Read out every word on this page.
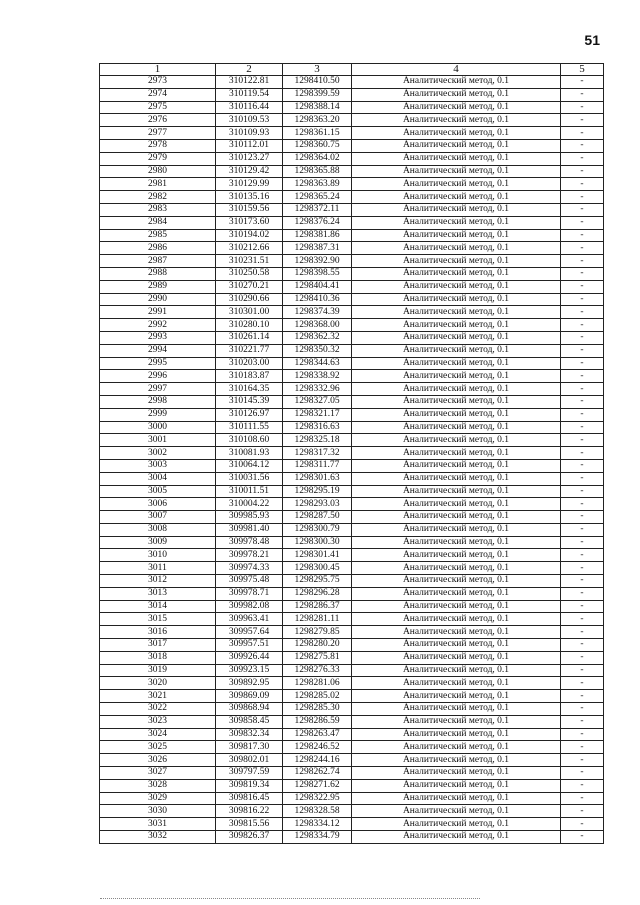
51
1	2	3	4	5
2973	310122.81	1298410.50	Аналитический метод, 0.1	-
2974	310119.54	1298399.59	Аналитический метод, 0.1	-
2975	310116.44	1298388.14	Аналитический метод, 0.1	-
2976	310109.53	1298363.20	Аналитический метод, 0.1	-
2977	310109.93	1298361.15	Аналитический метод, 0.1	-
2978	310112.01	1298360.75	Аналитический метод, 0.1	-
2979	310123.27	1298364.02	Аналитический метод, 0.1	-
2980	310129.42	1298365.88	Аналитический метод, 0.1	-
2981	310129.99	1298363.89	Аналитический метод, 0.1	-
2982	310135.16	1298365.24	Аналитический метод, 0.1	-
2983	310159.56	1298372.11	Аналитический метод, 0.1	-
2984	310173.60	1298376.24	Аналитический метод, 0.1	-
2985	310194.02	1298381.86	Аналитический метод, 0.1	-
2986	310212.66	1298387.31	Аналитический метод, 0.1	-
2987	310231.51	1298392.90	Аналитический метод, 0.1	-
2988	310250.58	1298398.55	Аналитический метод, 0.1	-
2989	310270.21	1298404.41	Аналитический метод, 0.1	-
2990	310290.66	1298410.36	Аналитический метод, 0.1	-
2991	310301.00	1298374.39	Аналитический метод, 0.1	-
2992	310280.10	1298368.00	Аналитический метод, 0.1	-
2993	310261.14	1298362.32	Аналитический метод, 0.1	-
2994	310221.77	1298350.32	Аналитический метод, 0.1	-
2995	310203.00	1298344.63	Аналитический метод, 0.1	-
2996	310183.87	1298338.92	Аналитический метод, 0.1	-
2997	310164.35	1298332.96	Аналитический метод, 0.1	-
2998	310145.39	1298327.05	Аналитический метод, 0.1	-
2999	310126.97	1298321.17	Аналитический метод, 0.1	-
3000	310111.55	1298316.63	Аналитический метод, 0.1	-
3001	310108.60	1298325.18	Аналитический метод, 0.1	-
3002	310081.93	1298317.32	Аналитический метод, 0.1	-
3003	310064.12	1298311.77	Аналитический метод, 0.1	-
3004	310031.56	1298301.63	Аналитический метод, 0.1	-
3005	310011.51	1298295.19	Аналитический метод, 0.1	-
3006	310004.22	1298293.03	Аналитический метод, 0.1	-
3007	309985.93	1298287.50	Аналитический метод, 0.1	-
3008	309981.40	1298300.79	Аналитический метод, 0.1	-
3009	309978.48	1298300.30	Аналитический метод, 0.1	-
3010	309978.21	1298301.41	Аналитический метод, 0.1	-
3011	309974.33	1298300.45	Аналитический метод, 0.1	-
3012	309975.48	1298295.75	Аналитический метод, 0.1	-
3013	309978.71	1298296.28	Аналитический метод, 0.1	-
3014	309982.08	1298286.37	Аналитический метод, 0.1	-
3015	309963.41	1298281.11	Аналитический метод, 0.1	-
3016	309957.64	1298279.85	Аналитический метод, 0.1	-
3017	309957.51	1298280.20	Аналитический метод, 0.1	-
3018	309926.44	1298275.81	Аналитический метод, 0.1	-
3019	309923.15	1298276.33	Аналитический метод, 0.1	-
3020	309892.95	1298281.06	Аналитический метод, 0.1	-
3021	309869.09	1298285.02	Аналитический метод, 0.1	-
3022	309868.94	1298285.30	Аналитический метод, 0.1	-
3023	309858.45	1298286.59	Аналитический метод, 0.1	-
3024	309832.34	1298263.47	Аналитический метод, 0.1	-
3025	309817.30	1298246.52	Аналитический метод, 0.1	-
3026	309802.01	1298244.16	Аналитический метод, 0.1	-
3027	309797.59	1298262.74	Аналитический метод, 0.1	-
3028	309819.34	1298271.62	Аналитический метод, 0.1	-
3029	309816.45	1298322.95	Аналитический метод, 0.1	-
3030	309816.22	1298328.58	Аналитический метод, 0.1	-
3031	309815.56	1298334.12	Аналитический метод, 0.1	-
3032	309826.37	1298334.79	Аналитический метод, 0.1	-
